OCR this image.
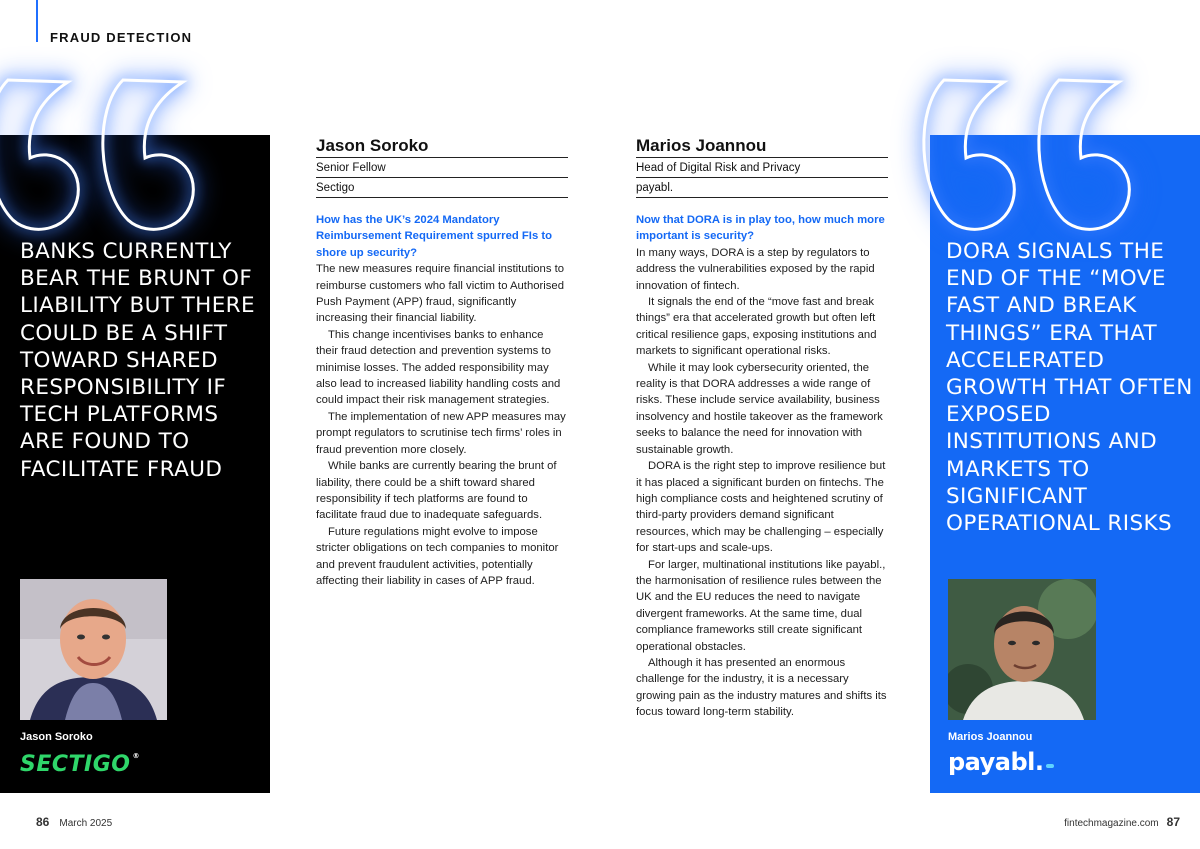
FRAUD DETECTION
BANKS CURRENTLY BEAR THE BRUNT OF LIABILITY BUT THERE COULD BE A SHIFT TOWARD SHARED RESPONSIBILITY IF TECH PLATFORMS ARE FOUND TO FACILITATE FRAUD
Jason Soroko
SECTIGO ®
DORA SIGNALS THE END OF THE “MOVE FAST AND BREAK THINGS” ERA THAT ACCELERATED GROWTH THAT OFTEN EXPOSED INSTITUTIONS AND MARKETS TO SIGNIFICANT OPERATIONAL RISKS
Marios Joannou
payabl.
Jason Soroko
Senior Fellow
Sectigo
How has the UK’s 2024 Mandatory Reimbursement Requirement spurred FIs to shore up security?

The new measures require financial institutions to reimburse customers who fall victim to Authorised Push Payment (APP) fraud, significantly increasing their financial liability.

This change incentivises banks to enhance their fraud detection and prevention systems to minimise losses. The added responsibility may also lead to increased liability handling costs and could impact their risk management strategies.

The implementation of new APP measures may prompt regulators to scrutinise tech firms’ roles in fraud prevention more closely.

While banks are currently bearing the brunt of liability, there could be a shift toward shared responsibility if tech platforms are found to facilitate fraud due to inadequate safeguards.

Future regulations might evolve to impose stricter obligations on tech companies to monitor and prevent fraudulent activities, potentially affecting their liability in cases of APP fraud.

Marios Joannou
Head of Digital Risk and Privacy
payabl.
Now that DORA is in play too, how much more important is security?

In many ways, DORA is a step by regulators to address the vulnerabilities exposed by the rapid innovation of fintech.

It signals the end of the “move fast and break things” era that accelerated growth but often left critical resilience gaps, exposing institutions and markets to significant operational risks.

While it may look cybersecurity oriented, the reality is that DORA addresses a wide range of risks. These include service availability, business insolvency and hostile takeover as the framework seeks to balance the need for innovation with sustainable growth.

DORA is the right step to improve resilience but it has placed a significant burden on fintechs. The high compliance costs and heightened scrutiny of third-party providers demand significant resources, which may be challenging – especially for start-ups and scale-ups.

For larger, multinational institutions like payabl., the harmonisation of resilience rules between the UK and the EU reduces the need to navigate divergent frameworks. At the same time, dual compliance frameworks still create significant operational obstacles.

Although it has presented an enormous challenge for the industry, it is a necessary growing pain as the industry matures and shifts its focus toward long-term stability.

86 March 2025	fintechmagazine.com 87
